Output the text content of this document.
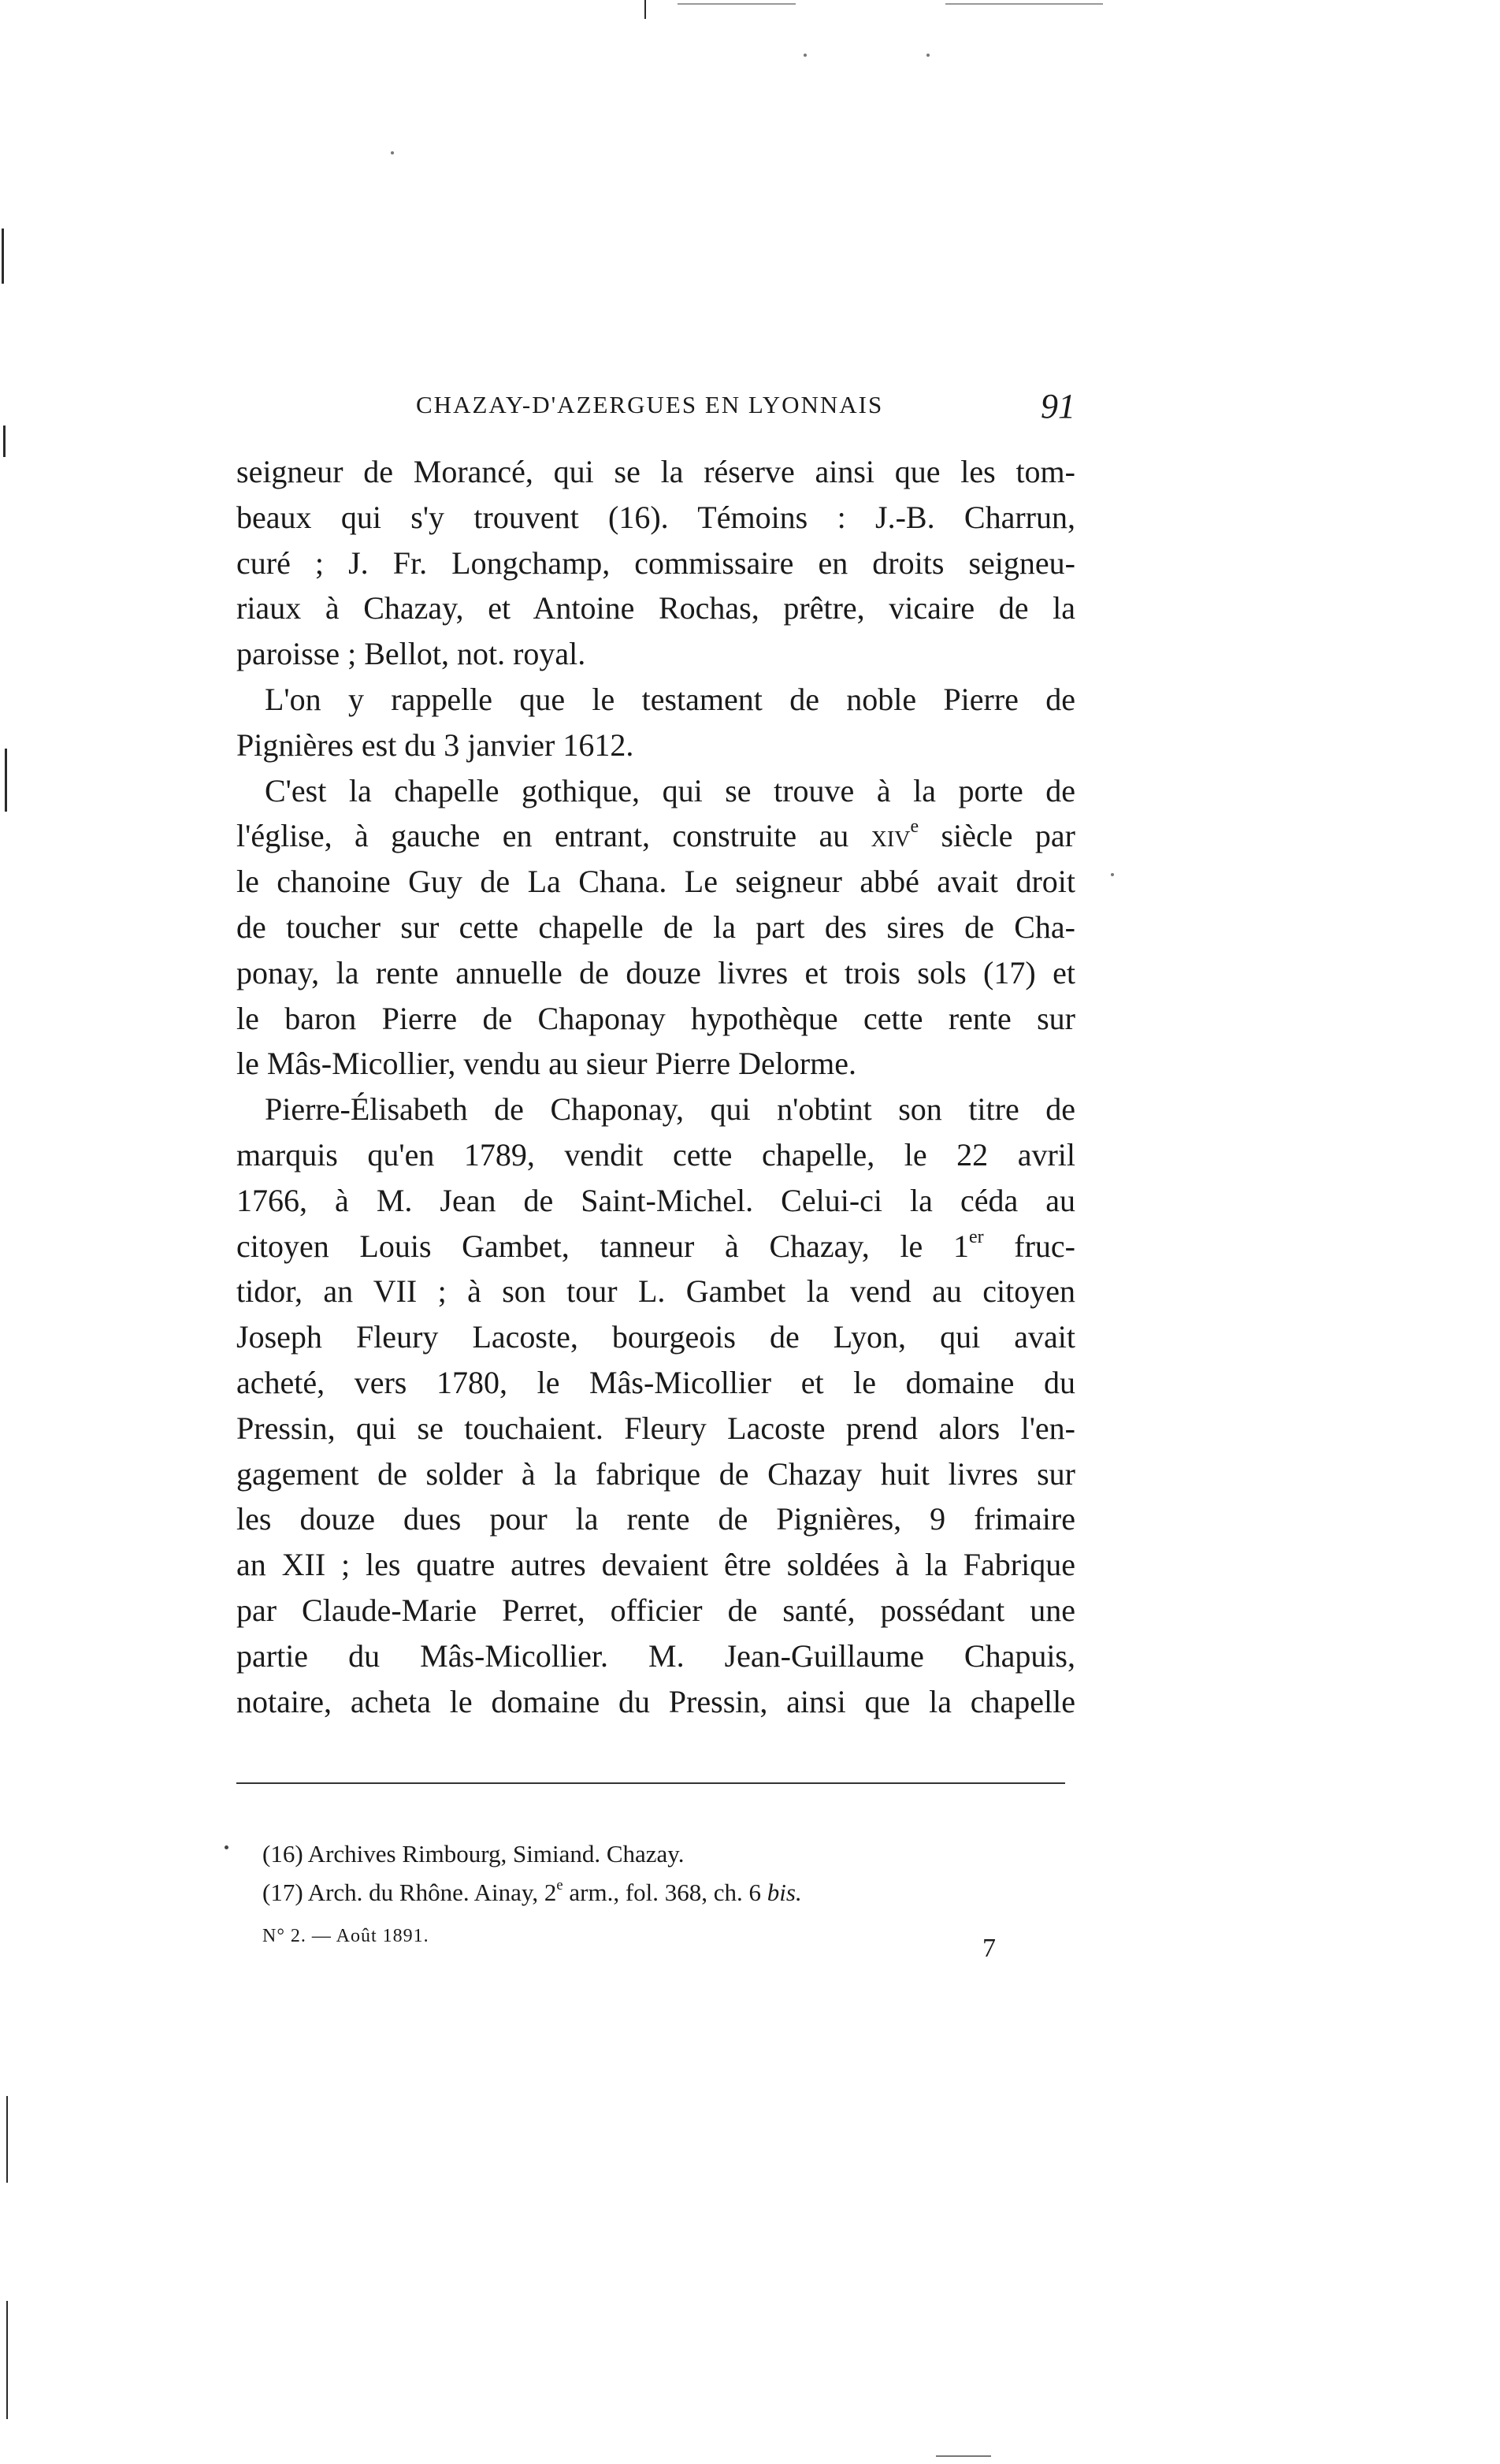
CHAZAY-D'AZERGUES EN LYONNAIS	91
seigneur de Morancé, qui se la réserve ainsi que les tom-
beaux qui s'y trouvent (16). Témoins : J.-B. Charrun,
curé ; J. Fr. Longchamp, commissaire en droits seigneu-
riaux à Chazay, et Antoine Rochas, prêtre, vicaire de la
paroisse ; Bellot, not. royal.
L'on y rappelle que le testament de noble Pierre de
Pignières est du 3 janvier 1612.
C'est la chapelle gothique, qui se trouve à la porte de
l'église, à gauche en entrant, construite au xiv$^e$ siècle par
le chanoine Guy de La Chana. Le seigneur abbé avait droit
de toucher sur cette chapelle de la part des sires de Cha-
ponay, la rente annuelle de douze livres et trois sols (17) et
le baron Pierre de Chaponay hypothèque cette rente sur
le Mâs-Micollier, vendu au sieur Pierre Delorme.
Pierre-Élisabeth de Chaponay, qui n'obtint son titre de
marquis qu'en 1789, vendit cette chapelle, le 22 avril
1766, à M. Jean de Saint-Michel. Celui-ci la céda au
citoyen Louis Gambet, tanneur à Chazay, le 1er fruc-
tidor, an VII ; à son tour L. Gambet la vend au citoyen
Joseph Fleury Lacoste, bourgeois de Lyon, qui avait
acheté, vers 1780, le Mâs-Micollier et le domaine du
Pressin, qui se touchaient. Fleury Lacoste prend alors l'en-
gagement de solder à la fabrique de Chazay huit livres sur
les douze dues pour la rente de Pignières, 9 frimaire
an XII ; les quatre autres devaient être soldées à la Fabrique
par Claude-Marie Perret, officier de santé, possédant une
partie du Mâs-Micollier. M. Jean-Guillaume Chapuis,
notaire, acheta le domaine du Pressin, ainsi que la chapelle
(16) Archives Rimbourg, Simiand. Chazay.
(17) Arch. du Rhône. Ainay, 2e arm., fol. 368, ch. 6 bis.
N° 2. — Août 1891.	7
